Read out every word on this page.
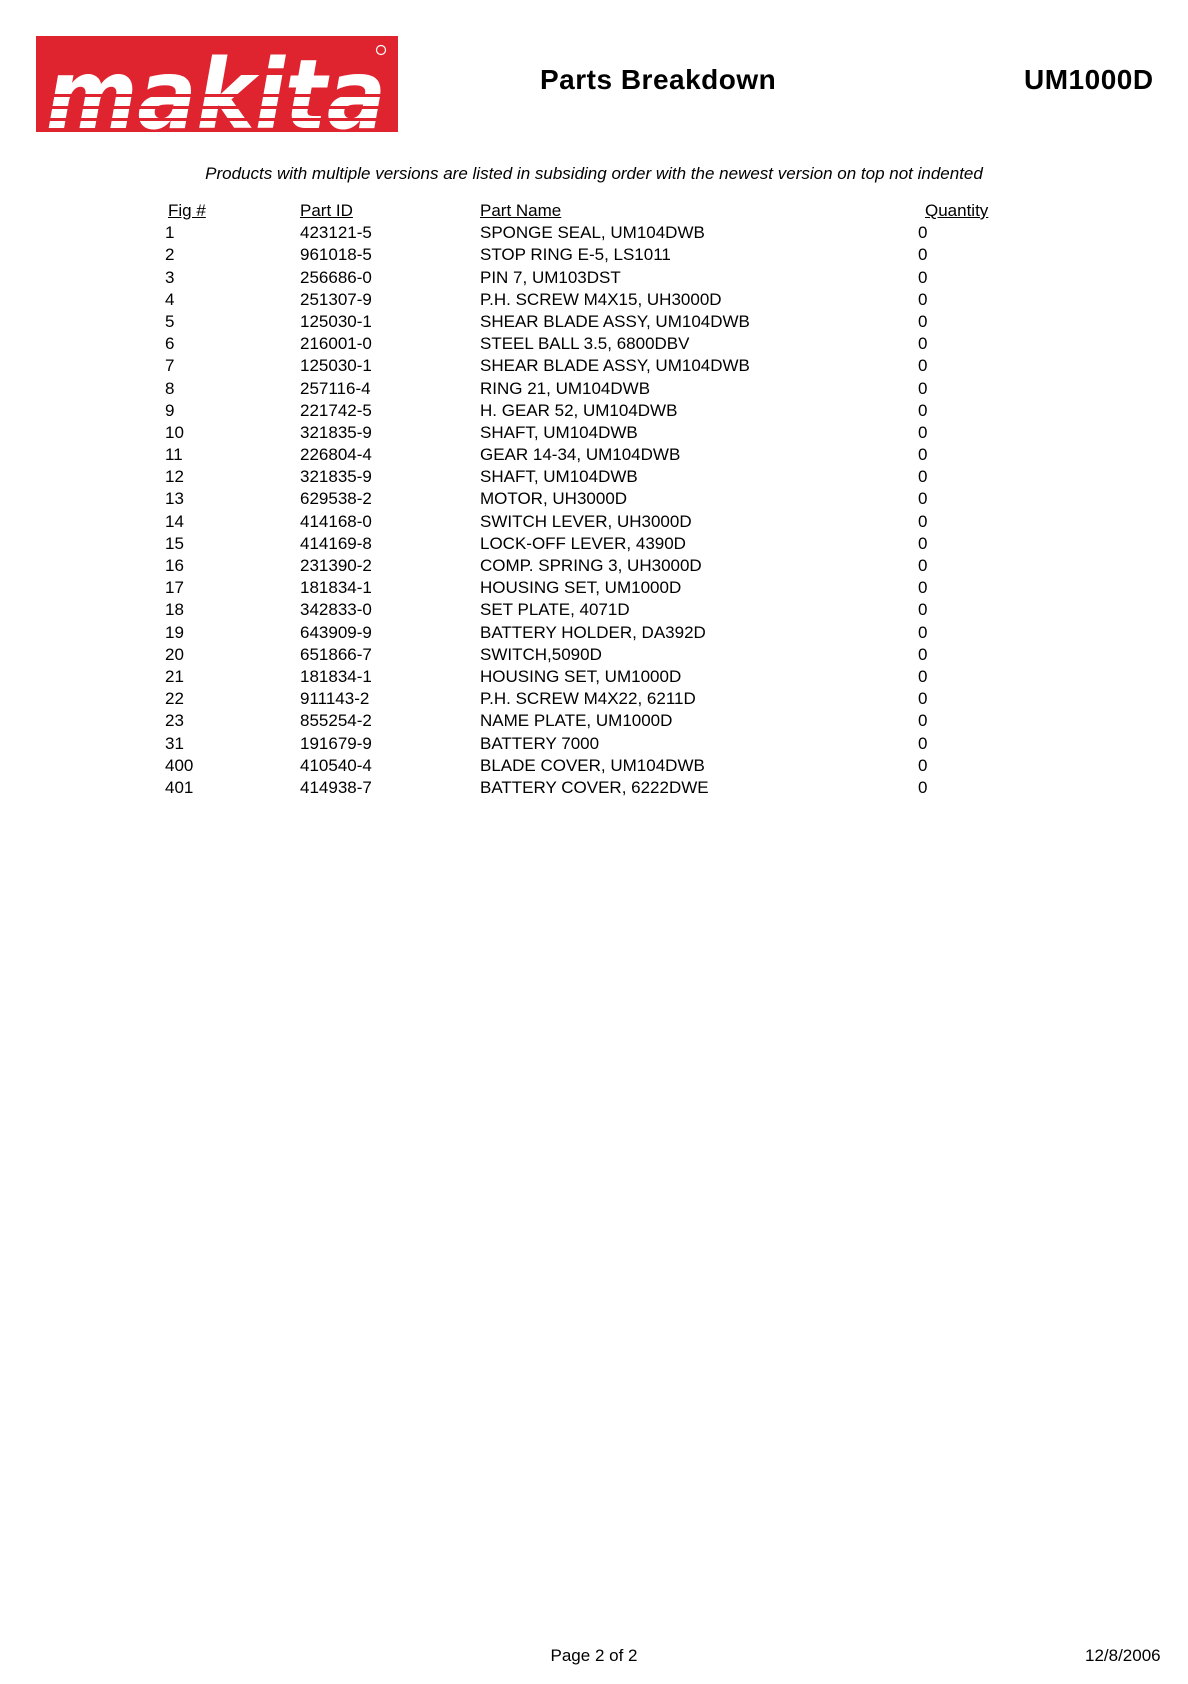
Parts Breakdown	UM1000D
Products with multiple versions are listed in subsiding order with the newest version on top not indented
Fig #	Part ID	Part Name	Quantity
1	423121-5	SPONGE SEAL, UM104DWB	0
2	961018-5	STOP RING E-5, LS1011	0
3	256686-0	PIN 7, UM103DST	0
4	251307-9	P.H. SCREW M4X15, UH3000D	0
5	125030-1	SHEAR BLADE ASSY, UM104DWB	0
6	216001-0	STEEL BALL 3.5, 6800DBV	0
7	125030-1	SHEAR BLADE ASSY, UM104DWB	0
8	257116-4	RING 21, UM104DWB	0
9	221742-5	H. GEAR 52, UM104DWB	0
10	321835-9	SHAFT, UM104DWB	0
11	226804-4	GEAR 14-34, UM104DWB	0
12	321835-9	SHAFT, UM104DWB	0
13	629538-2	MOTOR, UH3000D	0
14	414168-0	SWITCH LEVER, UH3000D	0
15	414169-8	LOCK-OFF LEVER, 4390D	0
16	231390-2	COMP. SPRING 3, UH3000D	0
17	181834-1	HOUSING SET, UM1000D	0
18	342833-0	SET PLATE, 4071D	0
19	643909-9	BATTERY HOLDER, DA392D	0
20	651866-7	SWITCH,5090D	0
21	181834-1	HOUSING SET, UM1000D	0
22	911143-2	P.H. SCREW M4X22, 6211D	0
23	855254-2	NAME PLATE, UM1000D	0
31	191679-9	BATTERY 7000	0
400	410540-4	BLADE COVER, UM104DWB	0
401	414938-7	BATTERY COVER, 6222DWE	0
Page 2 of 2	12/8/2006
